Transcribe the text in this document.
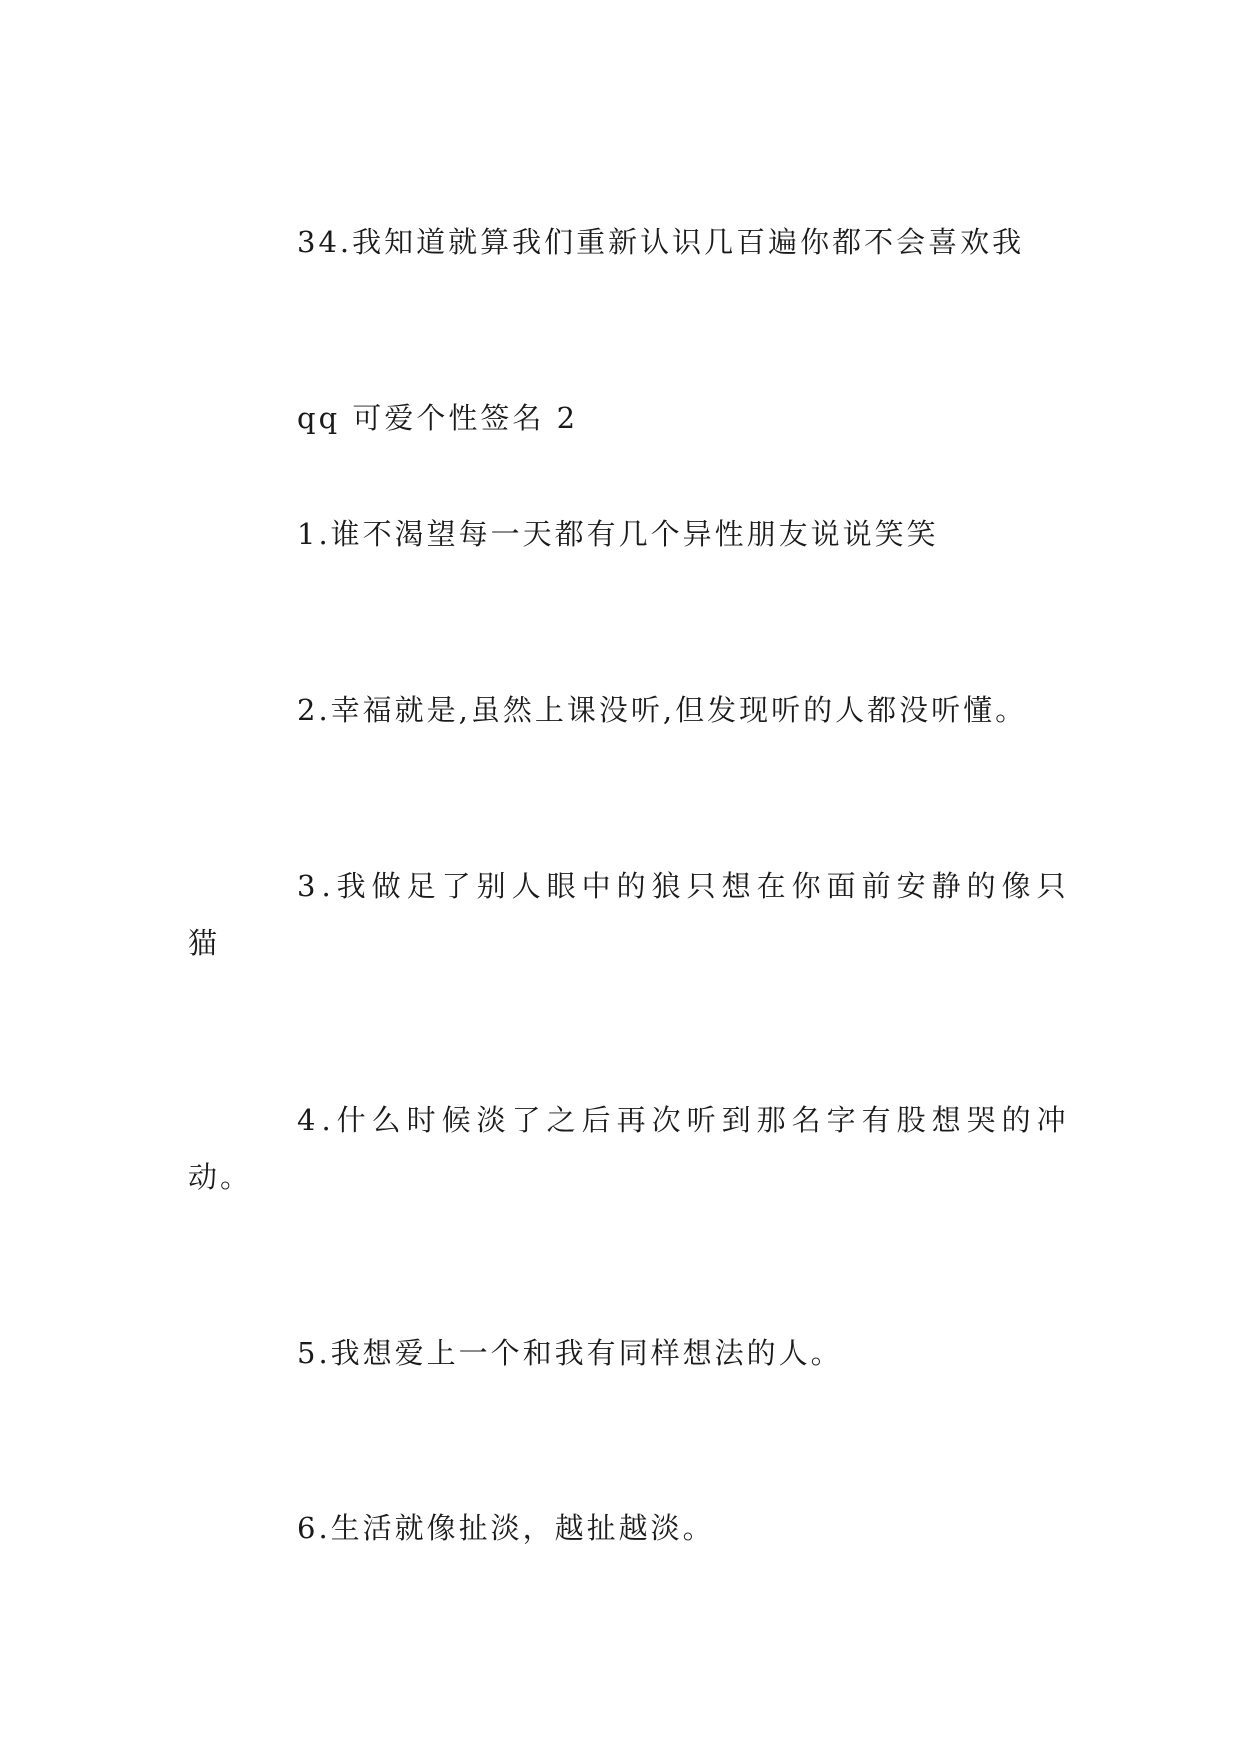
34.我知道就算我们重新认识几百遍你都不会喜欢我
qq 可爱个性签名 2
1.谁不渴望每一天都有几个异性朋友说说笑笑
2.幸福就是,虽然上课没听,但发现听的人都没听懂。
3.我做足了别人眼中的狼只想在你面前安静的像只
猫
4.什么时候淡了之后再次听到那名字有股想哭的冲
动。
5.我想爱上一个和我有同样想法的人。
6.生活就像扯淡，越扯越淡。
